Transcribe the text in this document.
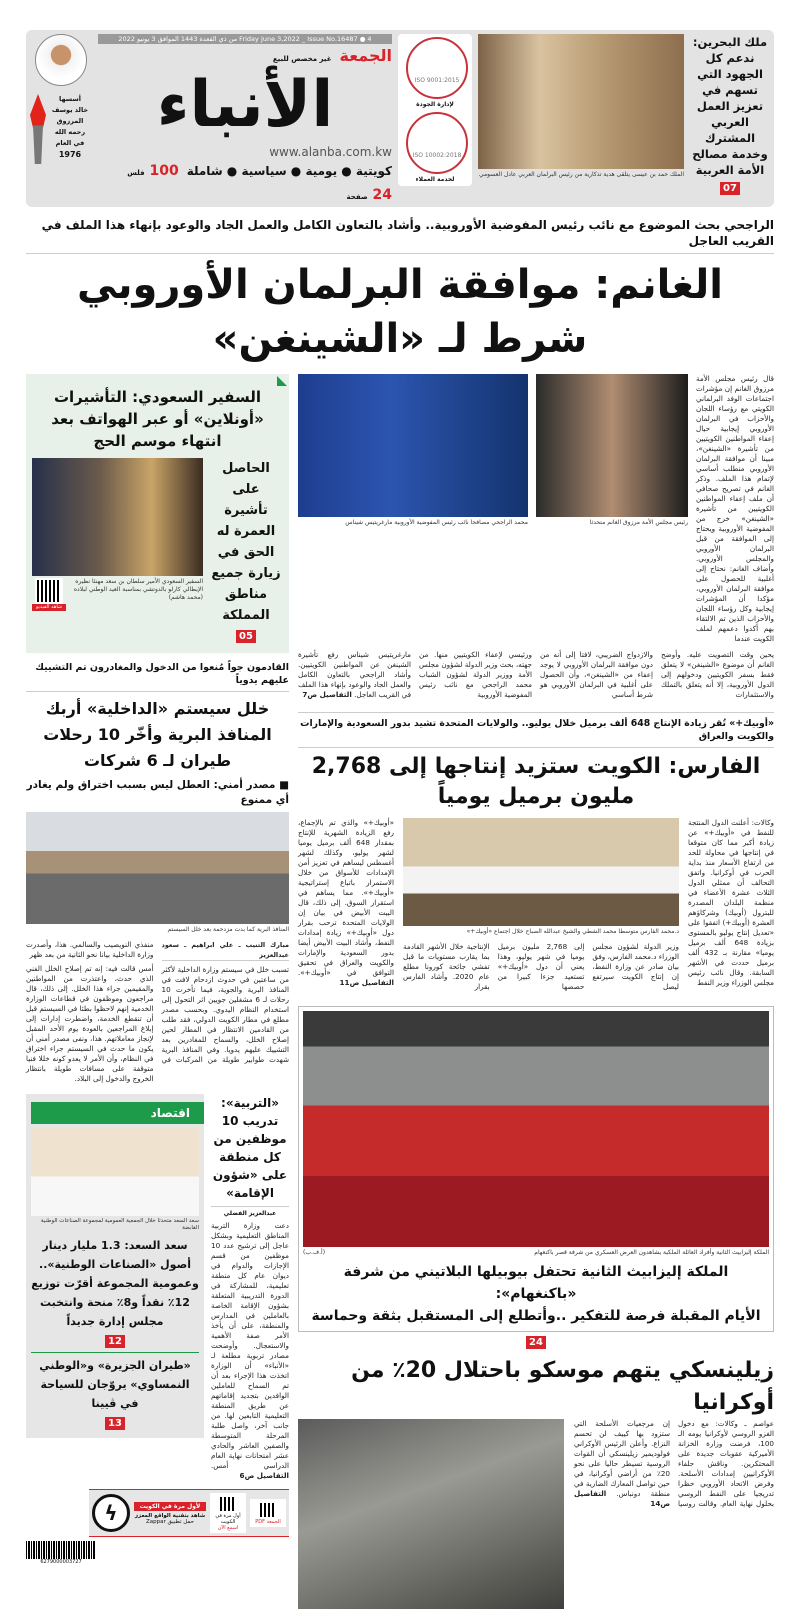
ملك البحرين: ندعم كل الجهود التي تسهم في تعزيز العمل العربي المشترك وخدمة مصالح الأمة العربية
07
الملك حمد بن عيسى يتلقى هدية تذكارية من رئيس البرلمان العربي عادل العسومي
ISO 9001:2015
لإدارة الجودة
ISO 10002:2018
لخدمة العملاء
Friday June 3,2022 _ Issue No.16487 ● 4 من ذي القعدة 1443 الموافق 3 يونيو 2022
الجمعة
غير مخصص للبيع
الأنباء
www.alanba.com.kw
كويتية ● يومية ● سياسية ● شاملة
100 فلس
24 صفحة
أسسها
خالد يوسف
المرزوق
رحمه الله
في العام
1976
الراجحي بحث الموضوع مع نائب رئيس المفوضية الأوروبية.. وأشاد بالتعاون الكامل والعمل الجاد والوعود بإنهاء هذا الملف في القريب العاجل
الغانم: موافقة البرلمان الأوروبي شرط لـ «الشينغن»
قال رئيس مجلس الأمة مرزوق الغانم إن مؤشرات اجتماعات الوفد البرلماني الكويتي مع رؤساء اللجان والأحزاب في البرلمان الأوروبي إيجابية حيال إعفاء المواطنين الكويتيين من تأشيرة «الشينغن»، مبينا أن موافقة البرلمان الأوروبي منطلب أساسي لإتمام هذا الملف. وذكر الغانم في تصريح صحافي أن ملف إعفاء المواطنين الكويتيين من تأشيرة «الشينغن» خرج من المفوضية الأوروبية ويحتاج إلى الموافقة من قبل البرلمان الأوروبي والمجلس الأوروبي. وأضاف الغانم: نحتاج إلى أغلبية للحصول على موافقة البرلمان الأوروبي، مؤكدا أن المؤشرات إيجابية وكل رؤساء اللجان والأحزاب الذين تم الالتقاء بهم أكدوا دعمهم لملف الكويت عندما
رئيس مجلس الأمة مرزوق الغانم متحدثا
محمد الراجحي مصافحا نائب رئيس المفوضية الأوروبية مارغريتيس شيناس
يحين وقت التصويت عليه. وأوضح الغانم أن موضوع «الشينغن» لا يتعلق فقط بسفر الكويتيين ودخولهم إلى الدول الأوروبية، إلا أنه يتعلق بالتملك والاستثمارات
والازدواج الضريبي، لافتا إلى أنه من دون موافقة البرلمان الأوروبي لا يوجد إعفاء من «الشينغن»، وأن الحصول على أغلبية في البرلمان الأوروبي هو شرط أساسي
ورئيسي لإعفاء الكويتيين منها. من جهته، بحث وزير الدولة لشؤون مجلس الأمة ووزير الدولة لشؤون الشباب محمد الراجحي مع نائب رئيس المفوضية الأوروبية
مارغريتيس شيناس رفع تأشيرة الشينغن عن المواطنين الكويتيين. وأشاد الراجحي بالتعاون الكامل والعمل الجاد والوعود بإنهاء هذا الملف في القريب العاجل. التفاصيل ص7
«أوبيك+» تُقر زيادة الإنتاج 648 ألف برميل خلال يوليو.. والولايات المتحدة تشيد بدور السعودية والإمارات والكويت والعراق
الفارس: الكويت ستزيد إنتاجها إلى 2,768 مليون برميل يومياً
وكالات: أعلنت الدول المنتجة للنفط في «أوبيك+» عن زيادة أكبر مما كان متوقعا في إنتاجها في محاولة للحد من ارتفاع الأسعار منذ بداية الحرب في أوكرانيا. واتفق التحالف أن ممثلي الدول الثلاث عشرة الأعضاء في منظمة البلدان المصدرة للبترول (أوبيك) وشركاؤهم العشرة (أوبيك+) اتفقوا على «تعديل إنتاج يوليو بالمستوى بزيادة 648 ألف برميل يوميا» مقارنة بـ 432 ألف برميل حددت في الأشهر السابقة. وقال نائب رئيس مجلس الوزراء وزير النفط
د.محمد الفارس متوسطا محمد الشطي والشيخ عبدالله الصباح خلال اجتماع «أوبيك+»
وزير الدولة لشؤون مجلس الوزراء د.محمد الفارس، وفق بيان صادر عن وزارة النفط، إن إنتاج الكويت سيرتفع ليصل
إلى 2,768 مليون برميل يوميا في شهر يوليو، وهذا يعني أن دول «أوبيك+» تستعيد جزءا كبيرا من حصصها
الإنتاجية خلال الأشهر القادمة بما يقارب مستويات ما قبل تفشي جائحة كورونا مطلع عام 2020. وأشاد الفارس بقرار
«أوبيك+» والذي تم بالإجماع، رفع الزيادة الشهرية للإنتاج بمقدار 648 ألف برميل يوميا لشهر يوليو، وكذلك لشهر أغسطس ليساهم في تعزيز أمن الإمدادات للأسواق من خلال الاستمرار باتباع إستراتيجية «أوبيك+». مما يساهم في استقرار السوق. إلى ذلك، قال البيت الأبيض في بيان إن الولايات المتحدة ترحب بقرار دول «أوبيك+» زيادة إمدادات النفط، وأشاد البيت الأبيض أيضا بدور السعودية والإمارات والكويت والعراق في تحقيق التوافق في «أوبيك+». التفاصيل ص11
الملكة إليزابيث الثانية وأفراد العائلة الملكية يشاهدون العرض العسكري من شرفة قصر باكنغهام
(أ.ف.ب)
الملكة إليزابيث الثانية تحتفل بيوبيلها البلاتيني من شرفة «باكنغهام»:
الأيام المقبلة فرصة للتفكير ..وأتطلع إلى المستقبل بثقة وحماسة
24
زيلينسكي يتهم موسكو باحتلال 20٪ من أوكرانيا
عواصم ـ وكالات: مع دخول الغزو الروسي لأوكرانيا يومه الـ 100، فرضت وزارة الخزانة الأميركية عقوبات جديدة على المحتكرين. وناقش حلفاء الأوكرانيين إمدادات الأسلحة. وفرض الاتحاد الأوروبي حظرا تدريجيا على النفط الروسي بحلول نهاية العام. وقالت روسيا إن مرجعيات الأسلحة التي ستزود بها كييف لن تحسم النزاع. وأعلن الرئيس الأوكراني فولوديمير زيلينسكي أن القوات الروسية تسيطر حاليا على نحو 20٪ من أراضي أوكرانيا، في حين تواصل المعارك الضارية في منطقة دونباس. التفاصيل ص14
السفير السعودي: التأشيرات «أونلاين» أو عبر الهواتف بعد انتهاء موسم الحج
الحاصل على تأشيرة العمرة له الحق في زيارة جميع مناطق المملكة
05
السفير السعودي الأمير سلطان بن سعد مهنئا نظيره الإيطالي كارلو بالدوتشي بمناسبة العيد الوطني لبلاده (محمد هاشم)
شاهد الفيديو
القادمون جواً مُنعوا من الدخول والمغادرون تم التشييك عليهم يدوياً
خلل سيستم «الداخلية» أربك المنافذ البرية وأخّر 10 رحلات طيران لـ 6 شركات
■ مصدر أمني: العطل ليس بسبب اختراق ولم يغادر أي ممنوع
المنافذ البرية كما بدت مزدحمة بعد خلل السيستم
مبارك التنيب ـ علي ابراهيم ـ سعود عبدالعزيز
تسبب خلل في سيستم وزارة الداخلية لأكثر من ساعتين في حدوث ازدحام لافت في المنافذ البرية والجوية، فيما تأخرت 10 رحلات لـ 6 مشغلين جويين اثر التحول إلى استخدام النظام اليدوي. وبحسب مصدر مطلع في مطار الكويت الدولي، فقد طلب من القادمين الانتظار في المطار لحين إصلاح الخلل، والسماح للمغادرين بعد التشييك عليهم يدويا. وفي المنافذ البرية شهدت طوابير طويلة من المركبات في منفذي النويصيب والسالمي. هذا، وأصدرت وزارة الداخلية بيانا نحو الثانية من بعد ظهر
أمس قالت فيه: إنه تم إصلاح الخلل الفني الذي حدث، واعتذرت من المواطنين والمقيمين جراء هذا الخلل. إلى ذلك، قال مراجعون وموظفون في قطاعات الوزارة الخدمية إنهم لاحظوا بطئا في السيستم قبل أن تنقطع الخدمة، واضطرت إدارات إلى إبلاغ المراجعين بالعودة يوم الأحد المقبل لإنجاز معاملاتهم. هذا، ونفى مصدر أمني أن يكون ما حدث في السيستم جراء اختراق في النظام، وأن الأمر لا يعدو كونه خللا فنيا متوقفة على مسافات طويلة بانتظار الخروج والدخول إلى البلاد.
«التربية»: تدريب 10 موظفين من كل منطقة على «شؤون الإقامة»
عبدالعزيز الفضلي
دعت وزارة التربية المناطق التعليمية وبشكل عاجل إلى ترشيح عدد 10 موظفين من قسم الإجازات والدوام في ديوان عام كل منطقة تعليمية، للمشاركة في الدورة التدريبية المتعلقة بشؤون الإقامة الخاصة بالعاملين في المدارس والمنطقة، على أن يأخذ الأمر صفة الأهمية والاستعجال. وأوضحت مصادر تربوية مطلعة لـ «الأنباء» أن الوزارة اتخذت هذا الإجراء بعد أن تم السماح للعاملين الوافدين بتجديد إقاماتهم عن طريق المنطقة التعليمية التابعين لها. من جانب آخر، واصل طلبة المرحلة المتوسطة والصفين العاشر والحادي عشر امتحانات نهاية العام الدراسي أمس. التفاصيل ص6
اقتصاد
سعد السعد متحدثا خلال الجمعية العمومية لمجموعة الصناعات الوطنية القابضة
سعد السعد: 1.3 مليار دينار أصول «الصناعات الوطنية».. وعمومية المجموعة أقرّت توزيع 12٪ نقداً و8٪ منحة وانتخبت مجلس إدارة جديداً
12
«طيران الجزيرة» و«الوطني النمساوي» يروّجان للسياحة في ڤيينا
13
الجمعة PDF
أول مرة في الكويت
اسمع الآن
لأول مرة في الكويت
شاهد بتقنية الواقع المعزز
حمل تطبيق Zappar
ϟ
6279000003727
